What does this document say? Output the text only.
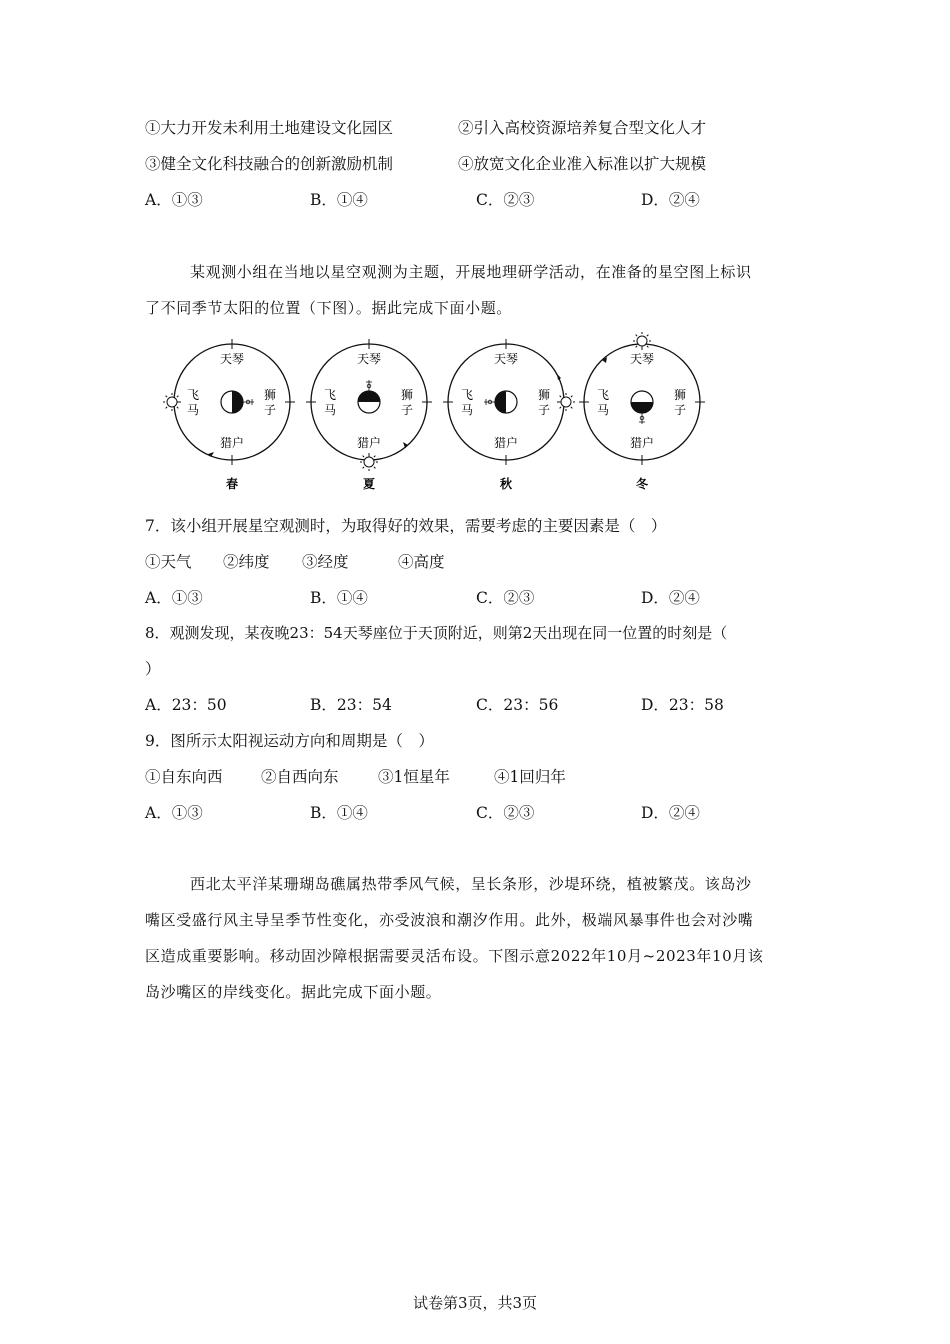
①大力开发未利用土地建设文化园区	②引入高校资源培养复合型文化人才
③健全文化科技融合的创新激励机制	④放宽文化企业准入标准以扩大规模
A．①③	B．①④	C．②③	D．②④
某观测小组在当地以星空观测为主题，开展地理研学活动，在准备的星空图上标识
了不同季节太阳的位置（下图）。据此完成下面小题。
天琴
飞
马
狮
子
猎户
春
天琴
飞
马
狮
子
猎户
夏
天琴
飞
马
狮
子
猎户
秋
天琴
飞
马
狮
子
猎户
冬
7．该小组开展星空观测时，为取得好的效果，需要考虑的主要因素是（　）
①天气 ②纬度 ③经度	④高度
A．①③	B．①④	C．②③	D．②④
8．观测发现，某夜晚23：54天琴座位于天顶附近，则第2天出现在同一位置的时刻是（
）
A．23：50	B．23：54	C．23：56	D．23：58
9．图所示太阳视运动方向和周期是（　）
①自东向西 ②自西向东	③1恒星年	④1回归年
A．①③	B．①④	C．②③	D．②④
西北太平洋某珊瑚岛礁属热带季风气候，呈长条形，沙堤环绕，植被繁茂。该岛沙
嘴区受盛行风主导呈季节性变化，亦受波浪和潮汐作用。此外，极端风暴事件也会对沙嘴
区造成重要影响。移动固沙障根据需要灵活布设。下图示意2022年10月~2023年10月该
岛沙嘴区的岸线变化。据此完成下面小题。
试卷第3页，共3页
